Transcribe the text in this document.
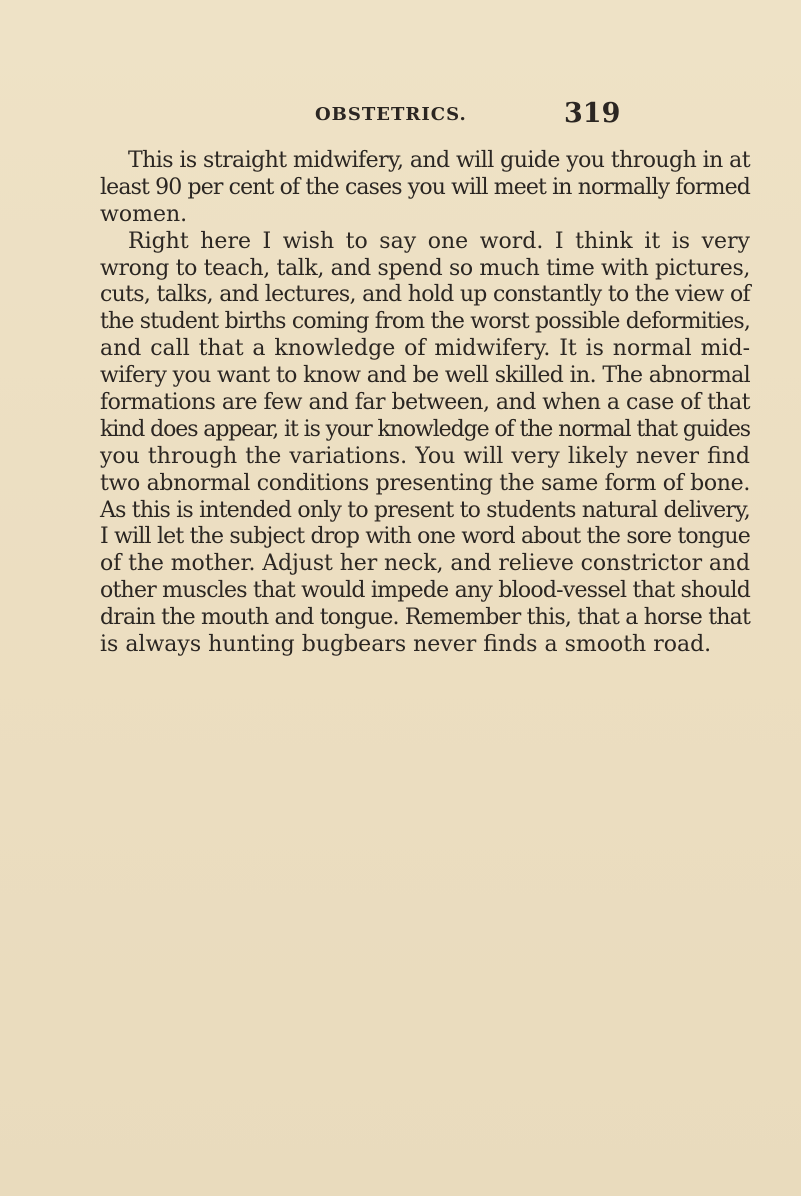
OBSTETRICS.	319
This is straight midwifery, and will guide you through in at
least 90 per cent of the cases you will meet in normally formed
women.
Right here I wish to say one word. I think it is very
wrong to teach, talk, and spend so much time with pictures,
cuts, talks, and lectures, and hold up constantly to the view of
the student births coming from the worst possible deformities,
and call that a knowledge of midwifery. It is normal mid-
wifery you want to know and be well skilled in. The abnormal
formations are few and far between, and when a case of that
kind does appear, it is your knowledge of the normal that guides
you through the variations. You will very likely never find
two abnormal conditions presenting the same form of bone.
As this is intended only to present to students natural delivery,
I will let the subject drop with one word about the sore tongue
of the mother. Adjust her neck, and relieve constrictor and
other muscles that would impede any blood-vessel that should
drain the mouth and tongue. Remember this, that a horse that
is always hunting bugbears never finds a smooth road.
